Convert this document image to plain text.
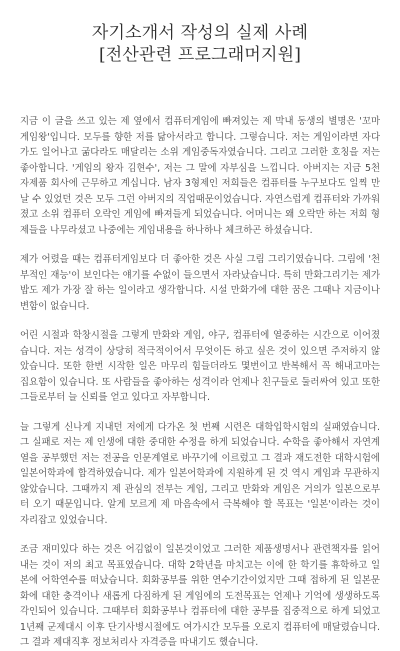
자기소개서 작성의 실제 사례
[전산관련 프로그래머지원]

지금 이 글을 쓰고 있는 제 옆에서 컴퓨터게임에 빠져있는 제 막내 동생의 별명은 '꼬마 게임왕'입니다. 모두를 향한 저를 닮아서라고 합니다. 그렇습니다. 저는 게임이라면 자다가도 일어나고 굶다라도 매달리는 소위 게임중독자였습니다. 그리고 그러한 호칭을 저는 좋아합니다. '게임의 왕자 김현수', 저는 그 말에 자부심을 느낍니다. 아버지는 지금 5천자제품 회사에 근무하고 계십니다. 남자 3형제인 저희들은 컴퓨터를 누구보다도 일찍 만날 수 있었던 것은 모두 그런 아버지의 직업때문이었습니다. 자연스럽게 컴퓨터와 가까워졌고 소위 컴퓨터 오락인 게임에 빠져들게 되었습니다. 어머니는 왜 오락만 하는 저희 형제들을 나무라셨고 나중에는 게임내용을 하나하나 체크하곤 하셨습니다.

제가 어렸을 때는 컴퓨터게임보다 더 좋아한 것은 사실 그림 그리기였습니다. 그림에 '천부적인 재능'이 보인다는 얘기를 수없이 들으면서 자라났습니다. 특히 만화그리기는 제가 밥도 제가 가장 잘 하는 일이라고 생각합니다. 시설 만화가에 대한 꿈은 그때나 지금이나 변함이 없습니다.

어린 시절과 학창시절을 그렇게 만화와 게임, 야구, 컴퓨터에 열중하는 시간으로 이어졌습니다. 저는 성격이 상당히 적극적이어서 무엇이든 하고 싶은 것이 있으면 주저하지 않았습니다. 또한 한번 시작한 일은 마무리 힘들더라도 몇번이고 반복해서 꼭 해내고마는 집요함이 있습니다. 또 사람들을 좋아하는 성격이라 언제나 친구들로 둘러싸여 있고 또한 그들로부터 늘 신뢰를 얻고 있다고 자부합니다.

늘 그렇게 신나게 지내던 저에게 다가온 첫 번째 시련은 대학입학시험의 실패였습니다. 그 실패로 저는 제 인생에 대한 중대한 수정을 하게 되었습니다. 수학을 좋아해서 자연계열을 공부했던 저는 전공을 인문계열로 바꾸기에 이르렀고 그 결과 재도전한 대학시험에 일본어학과에 합격하였습니다. 제가 일본어학과에 지원하게 된 것 역시 게임과 무관하지 않았습니다. 그때까지 제 관심의 전부는 게임, 그리고 만화와 게임은 거의가 일본으로부터 오기 때문입니다. 알게 모르게 제 마음속에서 극복해야 할 목표는 '일본'이라는 것이 자리잡고 있었습니다.

조금 재미있다 하는 것은 어김없이 일본것이었고 그러한 제품생명서나 관련책자를 읽어내는 것이 저의 최고 목표였습니다. 대학 2학년을 마치고는 이에 한 학기를 휴학하고 일본에 어학연수를 떠났습니다. 회화공부를 위한 연수기간이었지만 그때 접하게 된 일본문화에 대한 충격이나 새롭게 다짐하게 된 게임에의 도전목표는 언제나 기억에 생생하도록 각인되어 있습니다. 그때부터 회화공부나 컴퓨터에 대한 공부를 집중적으로 하게 되었고 1년째 군제대시 이후 단기사병시절에도 여가시간 모두를 오로지 컴퓨터에 매달렸습니다. 그 결과 제대직후 정보처리사 자격증을 따내기도 했습니다.
